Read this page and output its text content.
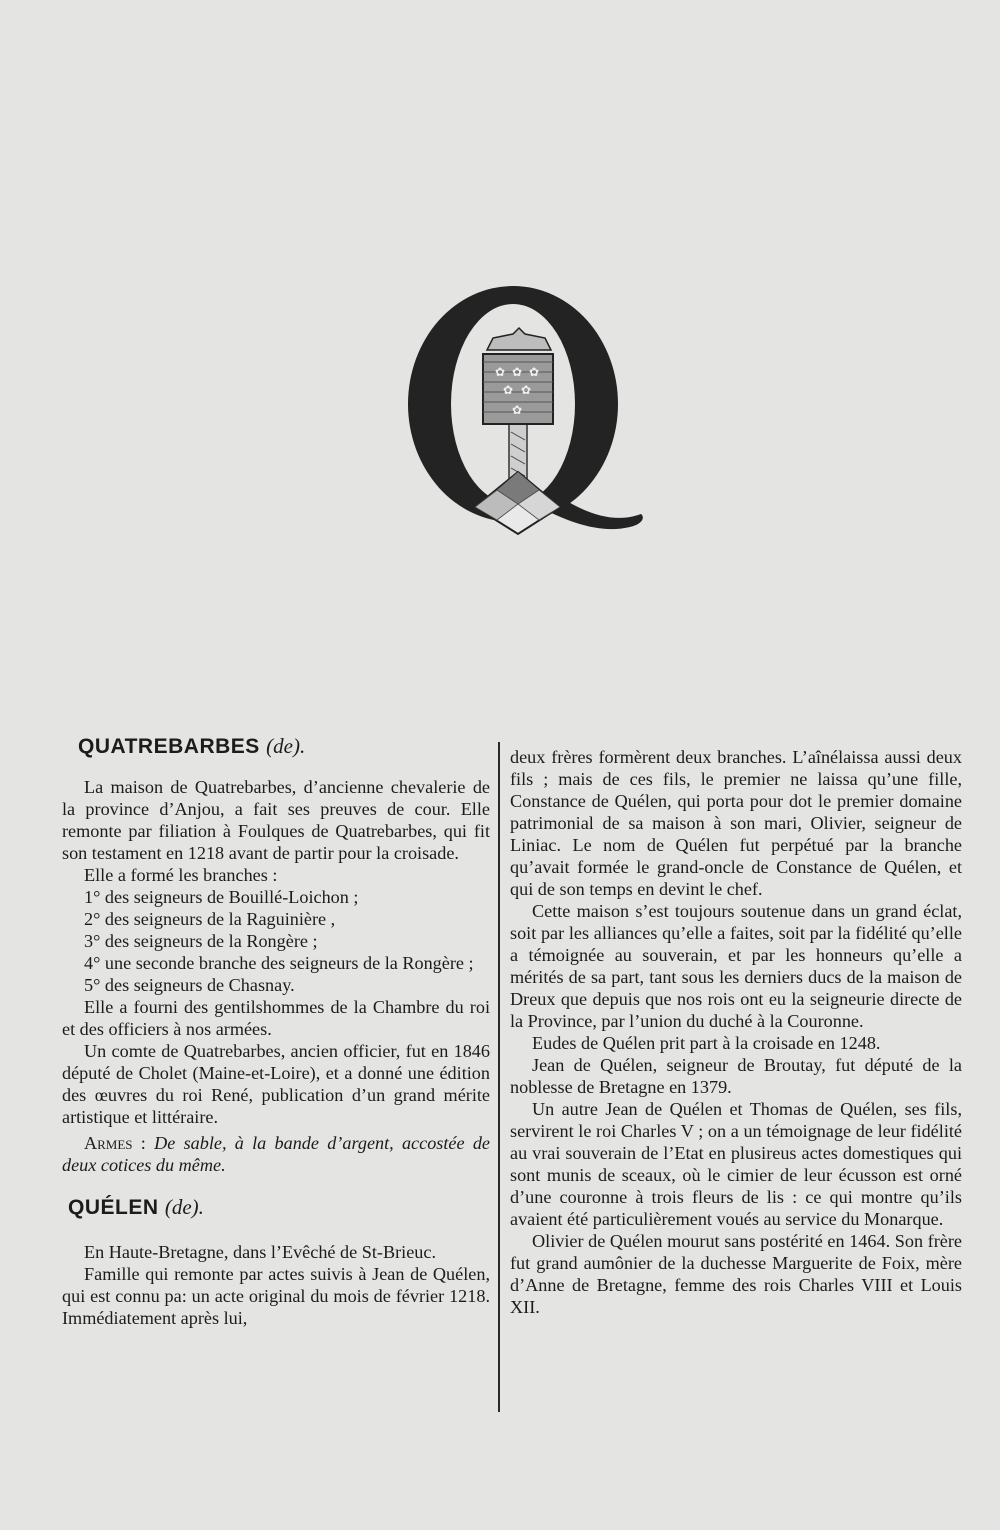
✿ ✿ ✿
✿ ✿
✿
QUATREBARBES (de).

La maison de Quatrebarbes, d’ancienne chevalerie de la province d’Anjou, a fait ses preuves de cour. Elle remonte par filiation à Foulques de Quatrebarbes, qui fit son testament en 1218 avant de partir pour la croisade.

Elle a formé les branches :

1° des seigneurs de Bouillé-Loichon ;

2° des seigneurs de la Raguinière ,

3° des seigneurs de la Rongère ;

4° une seconde branche des seigneurs de la Rongère ;

5° des seigneurs de Chasnay.

Elle a fourni des gentilshommes de la Chambre du roi et des officiers à nos armées.

Un comte de Quatrebarbes, ancien officier, fut en 1846 député de Cholet (Maine-et-Loire), et a donné une édition des œuvres du roi René, publication d’un grand mérite artistique et littéraire.

Armes : De sable, à la bande d’argent, accostée de deux cotices du même.

QUÉLEN (de).

En Haute-Bretagne, dans l’Evêché de St-Brieuc.

Famille qui remonte par actes suivis à Jean de Quélen, qui est connu pa: un acte original du mois de février 1218. Immédiatement après lui,

deux frères formèrent deux branches. L’aînélaissa aussi deux fils ; mais de ces fils, le premier ne laissa qu’une fille, Constance de Quélen, qui porta pour dot le premier domaine patrimonial de sa maison à son mari, Olivier, seigneur de Liniac. Le nom de Quélen fut perpétué par la branche qu’avait formée le grand-oncle de Constance de Quélen, et qui de son temps en devint le chef.

Cette maison s’est toujours soutenue dans un grand éclat, soit par les alliances qu’elle a faites, soit par la fidélité qu’elle a témoignée au souverain, et par les honneurs qu’elle a mérités de sa part, tant sous les derniers ducs de la maison de Dreux que depuis que nos rois ont eu la seigneurie directe de la Province, par l’union du duché à la Couronne.

Eudes de Quélen prit part à la croisade en 1248.

Jean de Quélen, seigneur de Broutay, fut député de la noblesse de Bretagne en 1379.

Un autre Jean de Quélen et Thomas de Quélen, ses fils, servirent le roi Charles V ; on a un témoignage de leur fidélité au vrai souverain de l’Etat en plusireus actes domestiques qui sont munis de sceaux, où le cimier de leur écusson est orné d’une couronne à trois fleurs de lis : ce qui montre qu’ils avaient été particulièrement voués au service du Monarque.

Olivier de Quélen mourut sans postérité en 1464. Son frère fut grand aumônier de la duchesse Marguerite de Foix, mère d’Anne de Bretagne, femme des rois Charles VIII et Louis XII.
